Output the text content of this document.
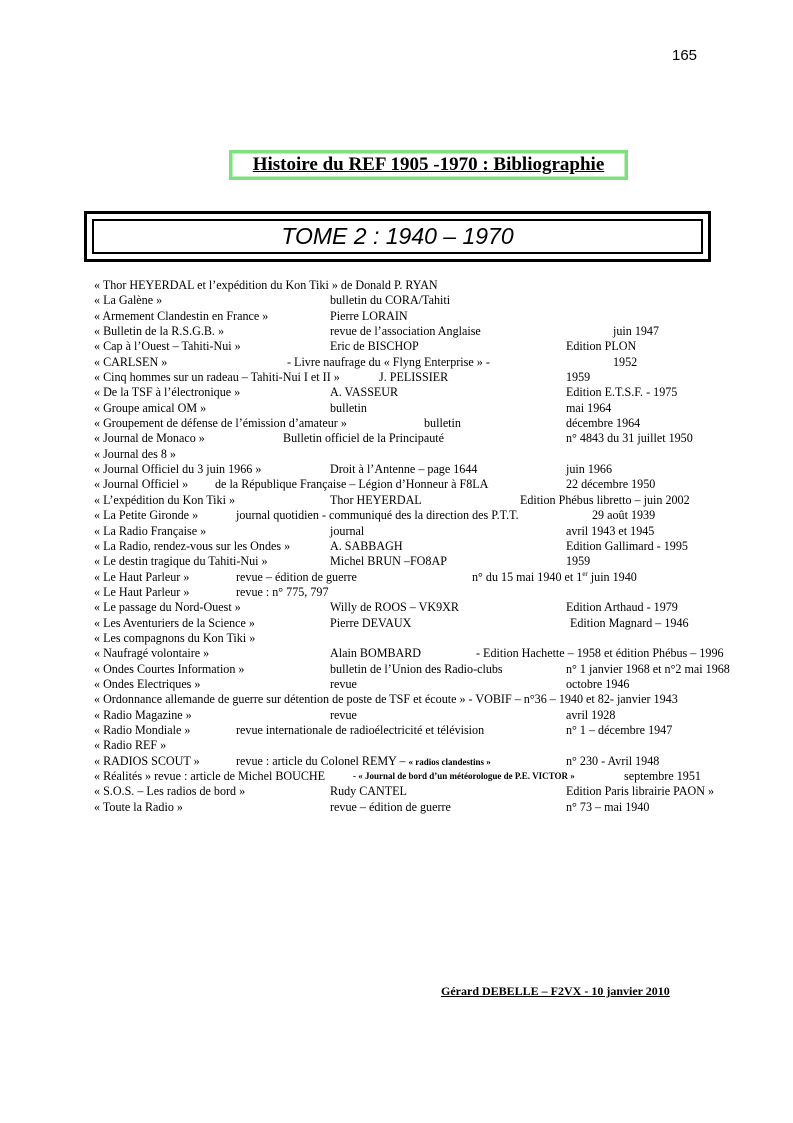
165
Histoire du REF 1905 -1970 : Bibliographie
TOME 2 : 1940 – 1970
« Thor HEYERDAL et l’expédition du Kon Tiki » de Donald P. RYAN
« La Galène »	bulletin du CORA/Tahiti
« Armement Clandestin en France »	Pierre LORAIN
« Bulletin de la R.S.G.B. »	revue de l’association Anglaise	juin 1947
« Cap à l’Ouest – Tahiti-Nui »	Eric de BISCHOP	Edition PLON
« CARLSEN »	- Livre naufrage du « Flyng Enterprise » -	1952
« Cinq hommes sur un radeau – Tahiti-Nui I et II »	J. PELISSIER	1959
« De la TSF à l’électronique »	A. VASSEUR	Edition E.T.S.F. - 1975
« Groupe amical OM »	bulletin	mai 1964
« Groupement de défense de l’émission d’amateur »	bulletin	décembre 1964
« Journal de Monaco »	Bulletin officiel de la Principauté	n° 4843 du 31 juillet 1950
« Journal des 8 »
« Journal Officiel du 3 juin 1966 »	Droit à l’Antenne – page 1644	juin 1966
« Journal Officiel » de la République Française – Légion d’Honneur à F8LA	22 décembre 1950
« L’expédition du Kon Tiki »	Thor HEYERDAL	Edition Phébus libretto – juin 2002
« La Petite Gironde »	journal quotidien - communiqué des la direction des P.T.T.	29 août 1939
« La Radio Française »	journal	avril 1943 et 1945
« La Radio, rendez-vous sur les Ondes »	A. SABBAGH	Edition Gallimard - 1995
« Le destin tragique du Tahiti-Nui »	Michel BRUN –FO8AP	1959
« Le Haut Parleur »	revue – édition de guerre	n° du 15 mai 1940 et 1er juin 1940
« Le Haut Parleur »	revue : n° 775, 797
« Le passage du Nord-Ouest »	Willy de ROOS – VK9XR	Edition Arthaud - 1979
« Les Aventuriers de la Science »	Pierre DEVAUX	Edition Magnard – 1946
« Les compagnons du Kon Tiki »
« Naufragé volontaire »	Alain BOMBARD	- Edition Hachette – 1958 et édition Phébus – 1996
« Ondes Courtes Information »	bulletin de l’Union des Radio-clubs	n° 1 janvier 1968 et n°2 mai 1968
« Ondes Electriques »	revue	octobre 1946
« Ordonnance allemande de guerre sur détention de poste de TSF et écoute » - VOBIF – n°36 – 1940 et 82- janvier 1943
« Radio Magazine »	revue	avril 1928
« Radio Mondiale »	revue internationale de radioélectricité et télévision	n° 1 – décembre 1947
« Radio REF »
« RADIOS SCOUT »	revue : article du Colonel REMY – « radios clandestins »	n° 230 - Avril 1948
« Réalités » revue : article de Michel BOUCHE	- « Journal de bord d’un météorologue de P.E. VICTOR »	septembre 1951
« S.O.S. – Les radios de bord »	Rudy CANTEL	Edition Paris librairie PAON »
« Toute la Radio »	revue – édition de guerre	n° 73 – mai 1940
Gérard DEBELLE – F2VX - 10 janvier 2010
